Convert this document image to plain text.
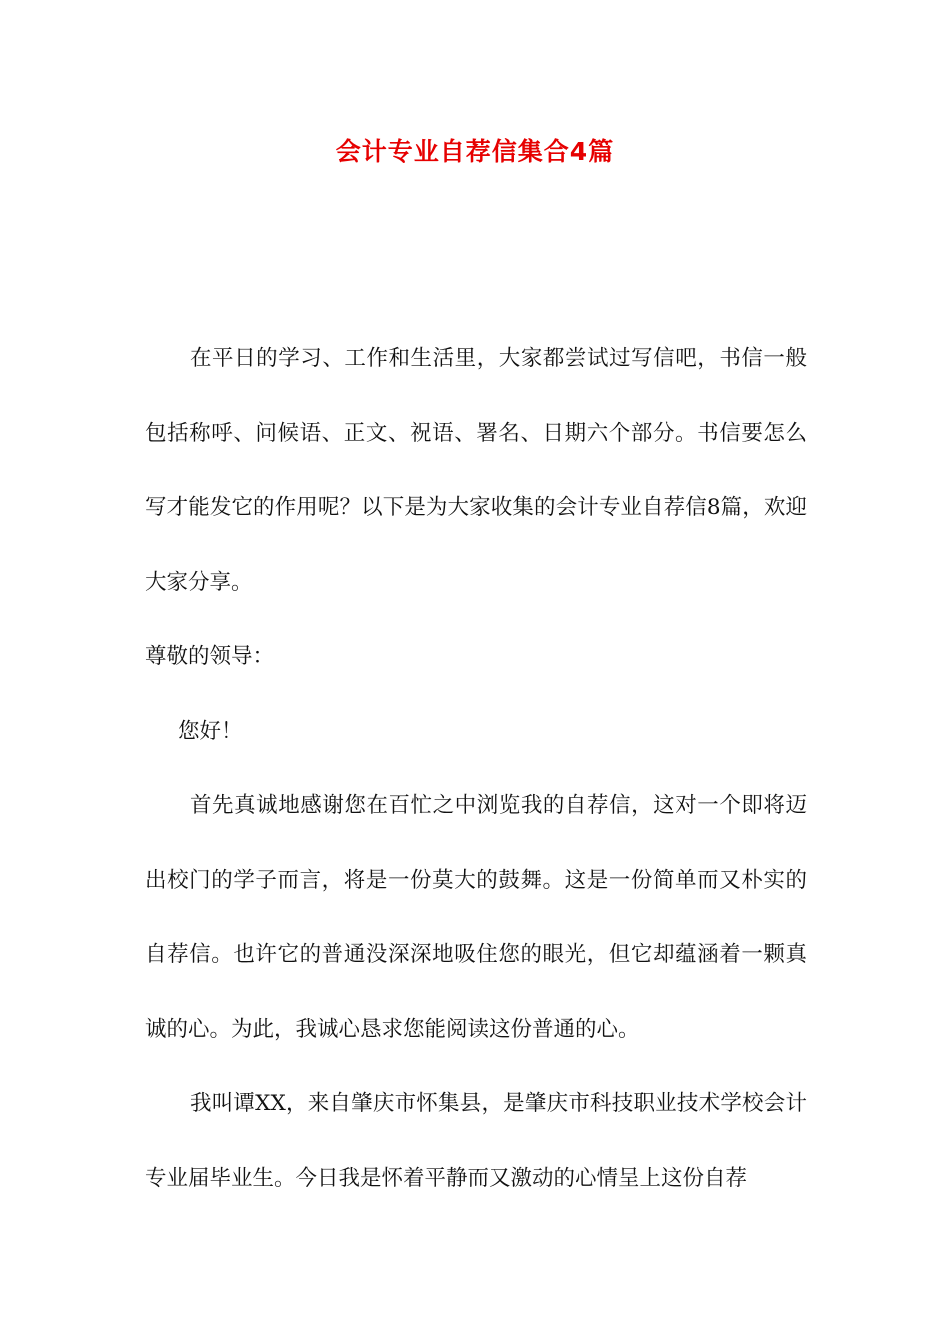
会计专业自荐信集合4篇

在平日的学习、工作和生活里，大家都尝试过写信吧，书信一般包括称呼、问候语、正文、祝语、署名、日期六个部分。书信要怎么写才能发它的作用呢？以下是为大家收集的会计专业自荐信8篇，欢迎大家分享。

尊敬的领导：

您好！

首先真诚地感谢您在百忙之中浏览我的自荐信，这对一个即将迈出校门的学子而言，将是一份莫大的鼓舞。这是一份简单而又朴实的自荐信。也许它的普通没深深地吸住您的眼光，但它却蕴涵着一颗真诚的心。为此，我诚心恳求您能阅读这份普通的心。

我叫谭XX，来自肇庆市怀集县，是肇庆市科技职业技术学校会计专业届毕业生。今日我是怀着平静而又激动的心情呈上这份自荐
